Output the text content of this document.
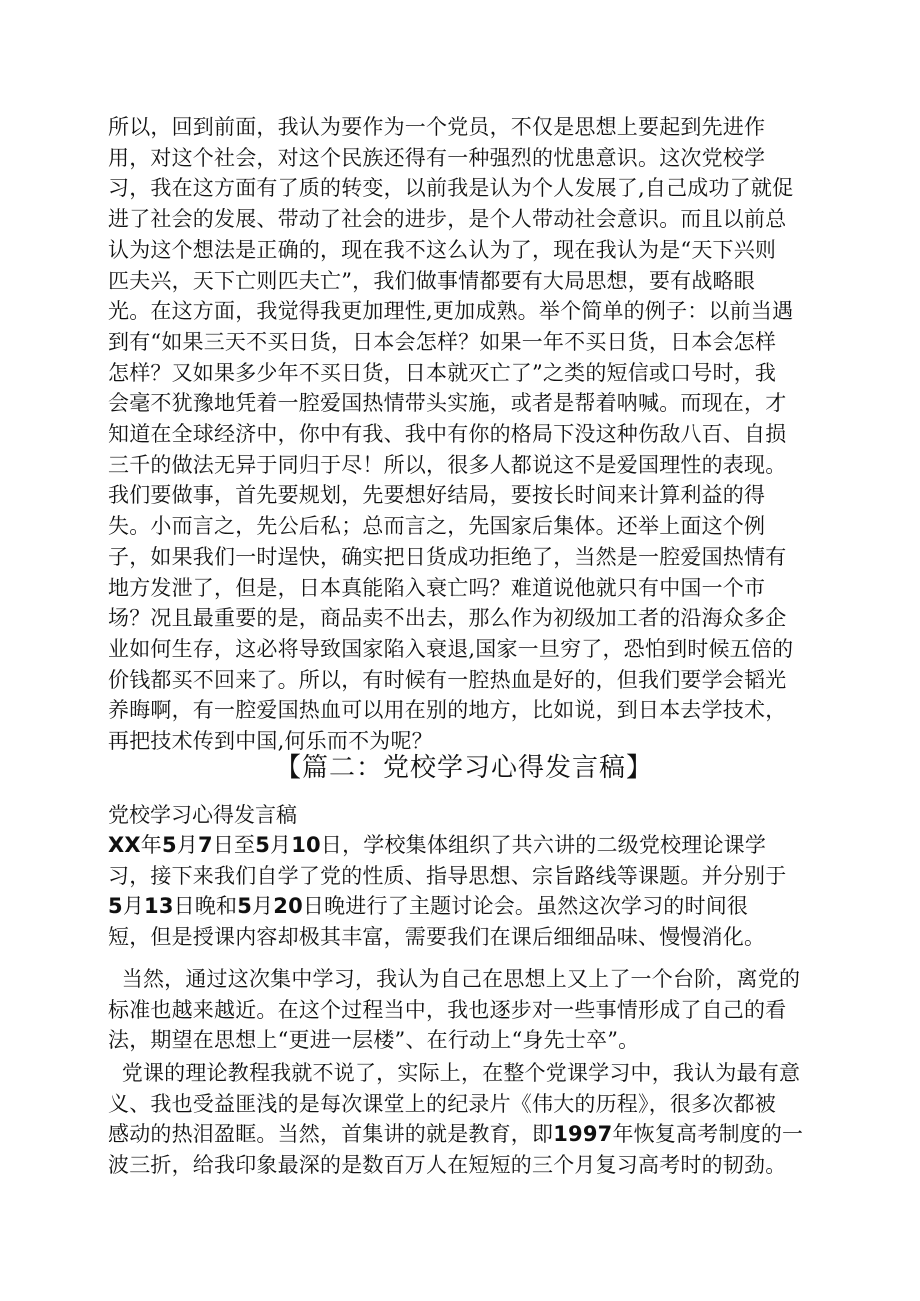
所以，回到前面，我认为要作为一个党员，不仅是思想上要起到先进作
用，对这个社会，对这个民族还得有一种强烈的忧患意识。这次党校学
习，我在这方面有了质的转变，以前我是认为个人发展了,自己成功了就促
进了社会的发展、带动了社会的进步，是个人带动社会意识。而且以前总
认为这个想法是正确的，现在我不这么认为了，现在我认为是“天下兴则
匹夫兴，天下亡则匹夫亡”，我们做事情都要有大局思想，要有战略眼
光。在这方面，我觉得我更加理性,更加成熟。举个简单的例子：以前当遇
到有“如果三天不买日货，日本会怎样？如果一年不买日货，日本会怎样
怎样？又如果多少年不买日货，日本就灭亡了”之类的短信或口号时，我
会毫不犹豫地凭着一腔爱国热情带头实施，或者是帮着呐喊。而现在，才
知道在全球经济中，你中有我、我中有你的格局下没这种伤敌八百、自损
三千的做法无异于同归于尽！所以，很多人都说这不是爱国理性的表现。
我们要做事，首先要规划，先要想好结局，要按长时间来计算利益的得
失。小而言之，先公后私；总而言之，先国家后集体。还举上面这个例
子，如果我们一时逞快，确实把日货成功拒绝了，当然是一腔爱国热情有
地方发泄了，但是，日本真能陷入衰亡吗？难道说他就只有中国一个市
场？况且最重要的是，商品卖不出去，那么作为初级加工者的沿海众多企
业如何生存，这必将导致国家陷入衰退,国家一旦穷了，恐怕到时候五倍的
价钱都买不回来了。所以，有时候有一腔热血是好的，但我们要学会韬光
养晦啊，有一腔爱国热血可以用在别的地方，比如说，到日本去学技术，
再把技术传到中国,何乐而不为呢？
【篇二：党校学习心得发言稿】
党校学习心得发言稿
XX年5月7日至5月10日，学校集体组织了共六讲的二级党校理论课学
习，接下来我们自学了党的性质、指导思想、宗旨路线等课题。并分别于
5月13日晚和5月20日晚进行了主题讨论会。虽然这次学习的时间很
短，但是授课内容却极其丰富，需要我们在课后细细品味、慢慢消化。
当然，通过这次集中学习，我认为自己在思想上又上了一个台阶，离党的
标准也越来越近。在这个过程当中，我也逐步对一些事情形成了自己的看
法，期望在思想上“更进一层楼”、在行动上“身先士卒”。
党课的理论教程我就不说了，实际上，在整个党课学习中，我认为最有意
义、我也受益匪浅的是每次课堂上的纪录片《伟大的历程》，很多次都被
感动的热泪盈眶。当然，首集讲的就是教育，即1997年恢复高考制度的一
波三折，给我印象最深的是数百万人在短短的三个月复习高考时的韧劲。
